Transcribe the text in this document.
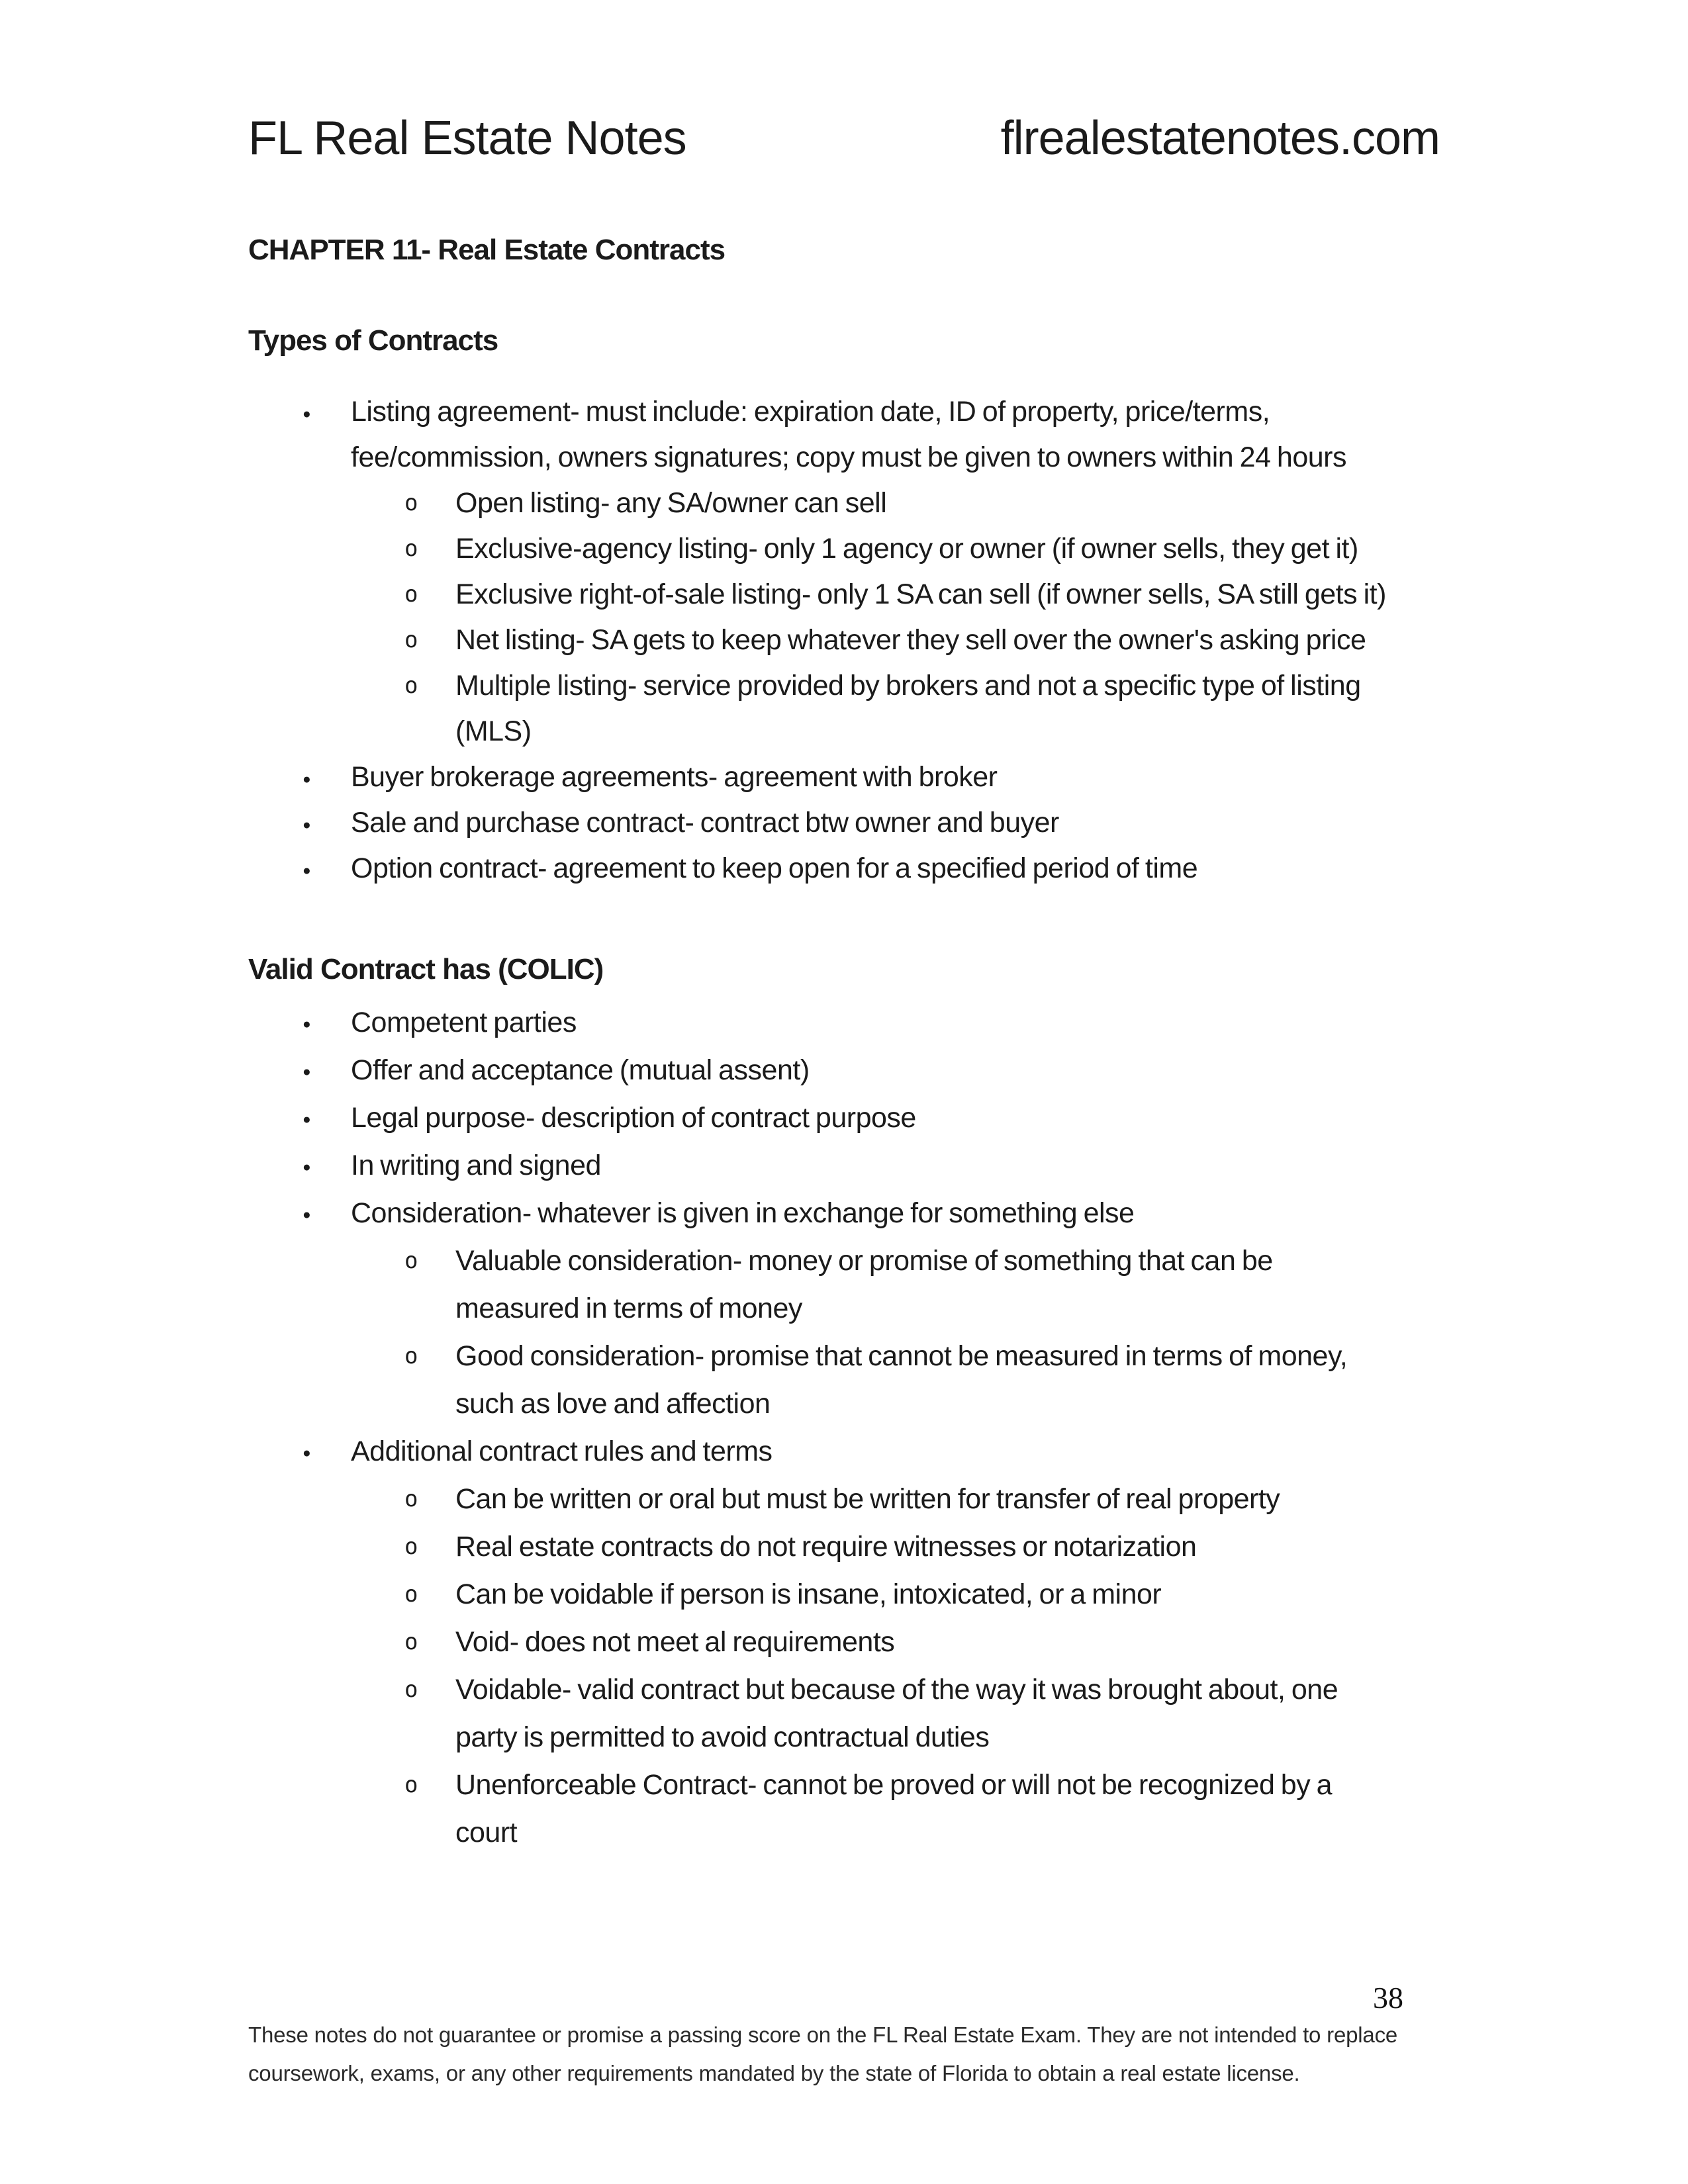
FL Real Estate Notes	flrealestatenotes.com
CHAPTER 11- Real Estate Contracts
Types of Contracts
● Listing agreement- must include: expiration date, ID of property, price/terms,
fee/commission, owners signatures; copy must be given to owners within 24 hours
o Open listing- any SA/owner can sell
o Exclusive-agency listing- only 1 agency or owner (if owner sells, they get it)
o Exclusive right-of-sale listing- only 1 SA can sell (if owner sells, SA still gets it)
o Net listing- SA gets to keep whatever they sell over the owner's asking price
o Multiple listing- service provided by brokers and not a specific type of listing
(MLS)
● Buyer brokerage agreements- agreement with broker
● Sale and purchase contract- contract btw owner and buyer
● Option contract- agreement to keep open for a specified period of time
Valid Contract has (COLIC)
● Competent parties
● Offer and acceptance (mutual assent)
● Legal purpose- description of contract purpose
● In writing and signed
● Consideration- whatever is given in exchange for something else
o Valuable consideration- money or promise of something that can be
measured in terms of money
o Good consideration- promise that cannot be measured in terms of money,
such as love and affection
● Additional contract rules and terms
o Can be written or oral but must be written for transfer of real property
o Real estate contracts do not require witnesses or notarization
o Can be voidable if person is insane, intoxicated, or a minor
o Void- does not meet al requirements
o Voidable- valid contract but because of the way it was brought about, one
party is permitted to avoid contractual duties
o Unenforceable Contract- cannot be proved or will not be recognized by a
court
38
These notes do not guarantee or promise a passing score on the FL Real Estate Exam. They are not intended to replace
coursework, exams, or any other requirements mandated by the state of Florida to obtain a real estate license.
